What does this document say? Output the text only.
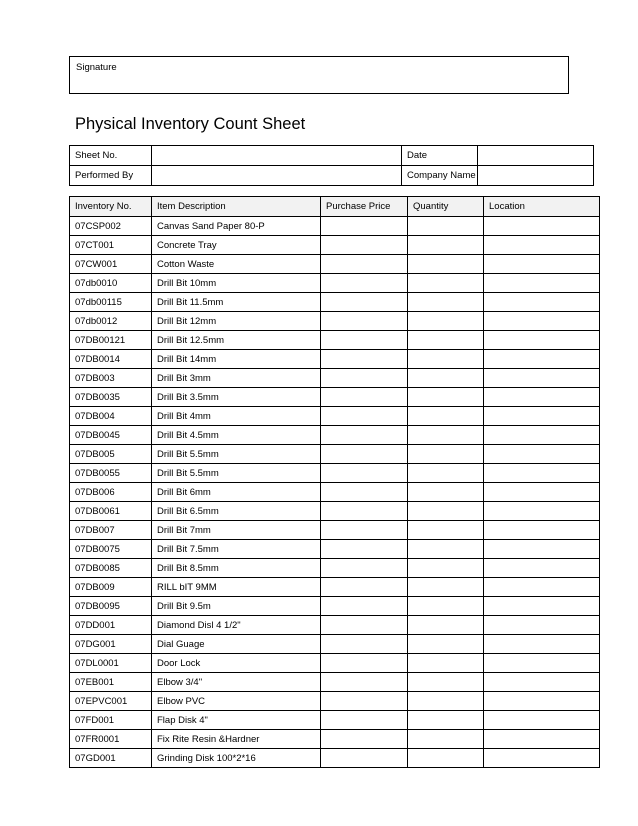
Signature
Physical Inventory Count Sheet
Sheet No.		Date	
Performed By		Company Name	
Inventory No.	Item Description	Purchase Price	Quantity	Location
07CSP002	Canvas Sand Paper 80-P			
07CT001	Concrete Tray			
07CW001	Cotton Waste			
07db0010	Drill Bit 10mm			
07db00115	Drill Bit 11.5mm			
07db0012	Drill Bit 12mm			
07DB00121	Drill Bit 12.5mm			
07DB0014	Drill Bit 14mm			
07DB003	Drill Bit 3mm			
07DB0035	Drill Bit 3.5mm			
07DB004	Drill Bit 4mm			
07DB0045	Drill Bit 4.5mm			
07DB005	Drill Bit 5.5mm			
07DB0055	Drill Bit 5.5mm			
07DB006	Drill Bit 6mm			
07DB0061	Drill Bit 6.5mm			
07DB007	Drill Bit 7mm			
07DB0075	Drill Bit 7.5mm			
07DB0085	Drill Bit 8.5mm			
07DB009	RILL bIT 9MM			
07DB0095	Drill Bit 9.5m			
07DD001	Diamond Disl 4 1/2"			
07DG001	Dial Guage			
07DL0001	Door Lock			
07EB001	Elbow 3/4"			
07EPVC001	Elbow PVC			
07FD001	Flap Disk 4"			
07FR0001	Fix Rite Resin &Hardner			
07GD001	Grinding Disk 100*2*16			
